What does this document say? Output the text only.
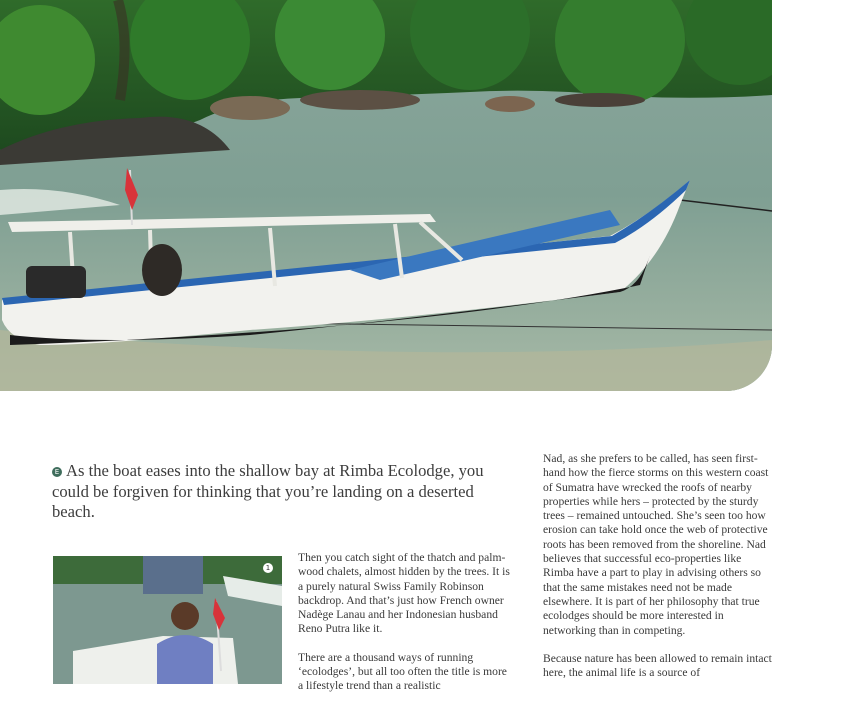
E As the boat eases into the shallow bay at Rimba Ecolodge, you could be forgiven for thinking that you’re landing on a deserted beach.
1

Then you catch sight of the thatch and palm-wood chalets, almost hidden by the trees. It is a purely natural Swiss Family Robinson backdrop. And that’s just how French owner Nadège Lanau and her Indonesian husband Reno Putra like it.

There are a thousand ways of running ‘ecolodges’, but all too often the title is more a lifestyle trend than a realistic

Nad, as she prefers to be called, has seen first-hand how the fierce storms on this western coast of Sumatra have wrecked the roofs of nearby properties while hers – protected by the sturdy trees – remained untouched. She’s seen too how erosion can take hold once the web of protective roots has been removed from the shoreline. Nad believes that successful eco-properties like Rimba have a part to play in advising others so that the same mistakes need not be made elsewhere. It is part of her philosophy that true ecolodges should be more interested in networking than in competing.

Because nature has been allowed to remain intact here, the animal life is a source of
